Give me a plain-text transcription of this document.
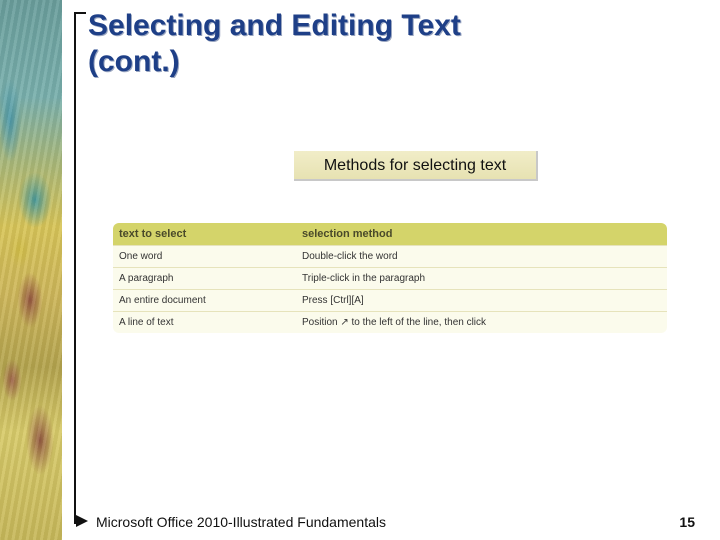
Selecting and Editing Text
(cont.)
Methods for selecting text
text to select	selection method
One word	Double-click the word
A paragraph	Triple-click in the paragraph
An entire document	Press [Ctrl][A]
A line of text	Position ↗ to the left of the line, then click
Microsoft Office 2010-Illustrated Fundamentals	15
